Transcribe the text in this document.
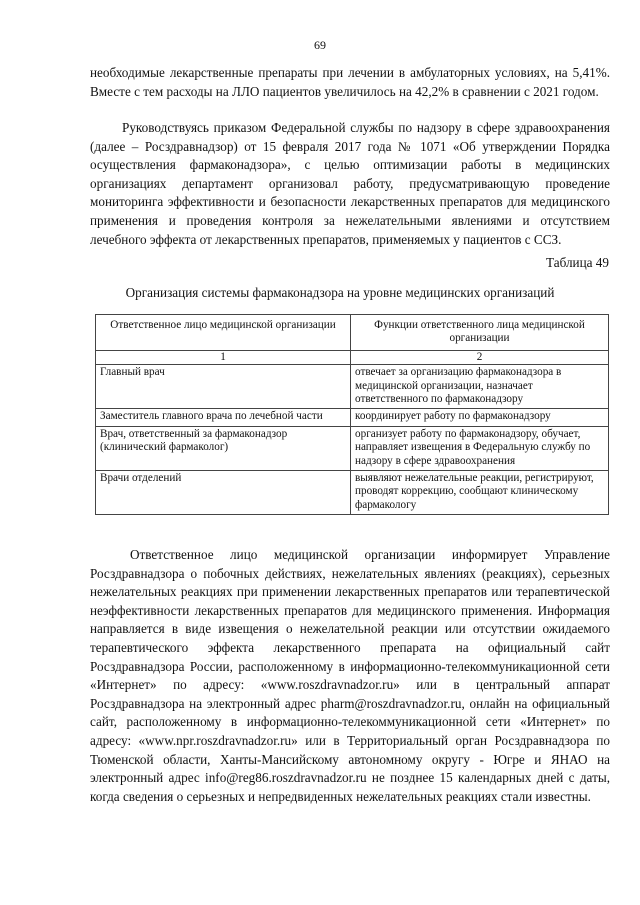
69

необходимые лекарственные препараты при лечении в амбулаторных условиях, на 5,41%. Вместе с тем расходы на ЛЛО пациентов увеличилось на 42,2% в сравнении с 2021 годом.

Руководствуясь приказом Федеральной службы по надзору в сфере здравоохранения (далее – Росздравнадзор) от 15 февраля 2017 года № 1071 «Об утверждении Порядка осуществления фармаконадзора», с целью оптимизации работы в медицинских организациях департамент организовал работу, предусматривающую проведение мониторинга эффективности и безопасности лекарственных препаратов для медицинского применения и проведения контроля за нежелательными явлениями и отсутствием лечебного эффекта от лекарственных препаратов, применяемых у пациентов с ССЗ.

Таблица 49
Организация системы фармаконадзора на уровне медицинских организаций
Ответственное лицо медицинской организации	Функции ответственного лица медицинской организации
1	2
Главный врач	отвечает за организацию фармаконадзора в медицинской организации, назначает ответственного по фармаконадзору
Заместитель главного врача по лечебной части	координирует работу по фармаконадзору
Врач, ответственный за фармаконадзор (клинический фармаколог)	организует работу по фармаконадзору, обучает, направляет извещения в Федеральную службу по надзору в сфере здравоохранения
Врачи отделений	выявляют нежелательные реакции, регистрируют, проводят коррекцию, сообщают клиническому фармакологу

Ответственное лицо медицинской организации информирует Управление Росздравнадзора о побочных действиях, нежелательных явлениях (реакциях), серьезных нежелательных реакциях при применении лекарственных препаратов или терапевтической неэффективности лекарственных препаратов для медицинского применения. Информация направляется в виде извещения о нежелательной реакции или отсутствии ожидаемого терапевтического эффекта лекарственного препарата на официальный сайт Росздравнадзора России, расположенному в информационно-телекоммуникационной сети «Интернет» по адресу: «www.roszdravnadzor.ru» или в центральный аппарат Росздравнадзора на электронный адрес pharm@roszdravnadzor.ru, онлайн на официальный сайт, расположенному в информационно-телекоммуникационной сети «Интернет» по адресу: «www.npr.roszdravnadzor.ru» или в Территориальный орган Росздравнадзора по Тюменской области, Ханты-Мансийскому автономному округу - Югре и ЯНАО на электронный адрес info@reg86.roszdravnadzor.ru не позднее 15 календарных дней с даты, когда сведения о серьезных и непредвиденных нежелательных реакциях стали известны.
